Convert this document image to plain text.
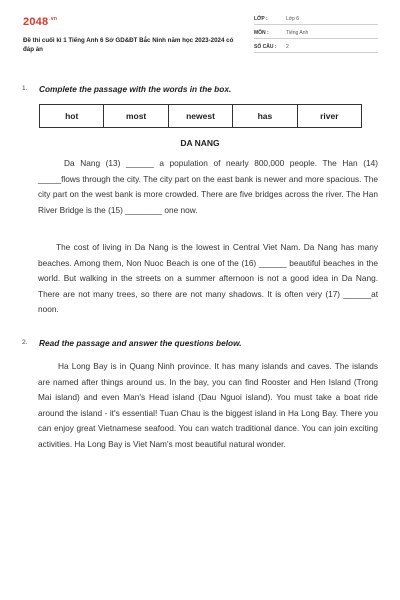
$2048^{.vn}$
Đề thi cuối kì 1 Tiếng Anh 6 Sở GD&ĐT Bắc Ninh năm học 2023-2024 có đáp án
LỚP :	Lớp 6
MÔN :	Tiếng Anh
SỐ CÂU : 2
1. Complete the passage with the words in the box.
hot	most	newest	has	river
DA NANG

Da Nang (13) ______ a population of nearly 800,000 people. The Han (14) _____flows through the city. The city part on the east bank is newer and more spacious. The city part on the west bank is more crowded. There are five bridges across the river. The Han River Bridge is the (15) ________ one now.

The cost of living in Da Nang is the lowest in Central Viet Nam. Da Nang has many beaches. Among them, Non Nuoc Beach is one of the (16) ______ beautiful beaches in the world. But walking in the streets on a summer afternoon is not a good idea in Da Nang. There are not many trees, so there are not many shadows. It is often very (17) ______at noon.

2. Read the passage and answer the questions below.

Ha Long Bay is in Quang Ninh province. It has many islands and caves. The islands are named after things around us. In the bay, you can find Rooster and Hen Island (Trong Mai island) and even Man's Head island (Dau Nguoi island). You must take a boat ride around the island - it's essential! Tuan Chau is the biggest island in Ha Long Bay. There you can enjoy great Vietnamese seafood. You can watch traditional dance. You can join exciting activities. Ha Long Bay is Viet Nam's most beautiful natural wonder.
